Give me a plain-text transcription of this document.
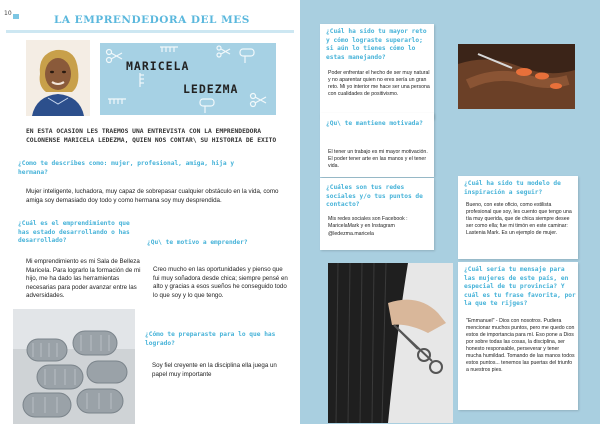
10
LA EMPRENDEDORA DEL MES
MARICELA
LEDEZMA
EN ESTA OCASION LES TRAEMOS UNA ENTREVISTA CON LA EMPRENDEDORA COLONENSE MARICELA LEDEZMA, QUIEN NOS CONTAR\ SU HISTORIA DE EXITO
¿Como te describes como: mujer, profesional, amiga, hija y hermana?
Mujer inteligente, luchadora, muy capaz de sobrepasar cualquier obstáculo en la vida, como amiga soy demasiado doy todo y como hermana soy muy desprendida.
¿Cuál es el emprendimiento que has estado desarrollando o has desarrollado?
Mi emprendimiento es mi Sala de Belleza Maricela. Para lograrlo la formación de mi hijo, me ha dado las herramientas necesarias para poder avanzar entre las adversidades.
¿Qu\ te motivo a emprender?
Creo mucho en las oportunidades y pienso que fui muy soñadora desde chica; siempre pensé en alto y gracias a esos sueños he conseguido todo lo que soy y lo que tengo.
¿Cómo te preparaste para lo que has logrado?
Soy fiel creyente en la disciplina ella juega un papel muy importante
¿Cuál ha sido tu mayor reto y cómo lograste superarlo; si aún lo tienes cómo lo estas manejando?
Poder enfrentar el hecho de ser muy natural y no aparentar quien no eres sería un gran reto. Mi yo interior me hace ser una persona con cualidades de positivismo.
¿Qu\ te mantiene motivada?
El tener un trabajo es mi mayor motivación. El poder tener arte en las manos y el tener vida.
¿Cuáles son tus redes sociales y/o tus puntos de contacto?
Mis redes sociales son Facebook : MaricelaMark y en Instagram
@ledezma.maricela
¿Cuál ha sido tu modelo de inspiración a seguir?
Bueno, con este oficio, como estilista profesional que soy, les cuento que tengo una tía muy querida, que de chica siempre desee ser como ella; fue mi timón en este caminar: Lastenia Mark. Es un ejemplo de mujer.
¿Cuál sería tu mensaje para las mujeres de este país, en especial de tu provincia? Y cuál es tu frase favorita, por la que te rijges?
"Emmanuel" - Dios con nosotros. Pudiera mencionar muchos puntos, pero me quedo con estos de importancia para mí. Eso pone a Dios por sobre todas las cosas, la disciplina, ser honesto responsable, perseverar y tener mucha humildad. Tomando de las manos todos estos puntos... tenemos las puertas del triunfo a nuestros pies.
